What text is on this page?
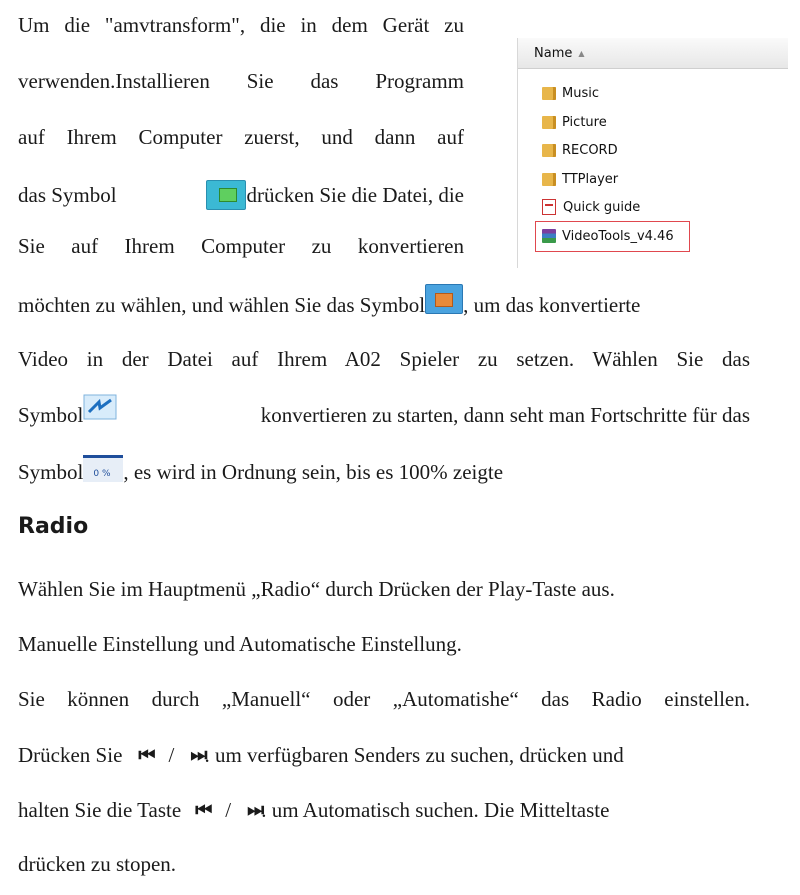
Um die "amvtransform", die in dem Gerät zu
verwenden.Installieren Sie das Programm
auf Ihrem Computer zuerst, und dann auf
das Symbol	drücken Sie die Datei, die
Sie auf Ihrem Computer zu konvertieren
Name ▲
Music
Picture
RECORD
TTPlayer
Quick guide
VideoTools_v4.46
möchten zu wählen, und wählen Sie das Symbol , um das konvertierte
Video in der Datei auf Ihrem A02 Spieler zu setzen. Wählen Sie das
Symbol	konvertieren zu starten, dann seht man Fortschritte für das
Symbol 0 % , es wird in Ordnung sein, bis es 100% zeigte
Radio
Wählen Sie im Hauptmenü „Radio“ durch Drücken der Play-Taste aus.
Manuelle Einstellung und Automatische Einstellung.
Sie können durch „Manuell“ oder „Automatishe“ das Radio einstellen.
Drücken Sie ⏮ / ⏭ . um verfügbaren Senders zu suchen, drücken und
halten Sie die Taste ⏮ / ⏭ . um Automatisch suchen. Die Mitteltaste
drücken zu stopen.
